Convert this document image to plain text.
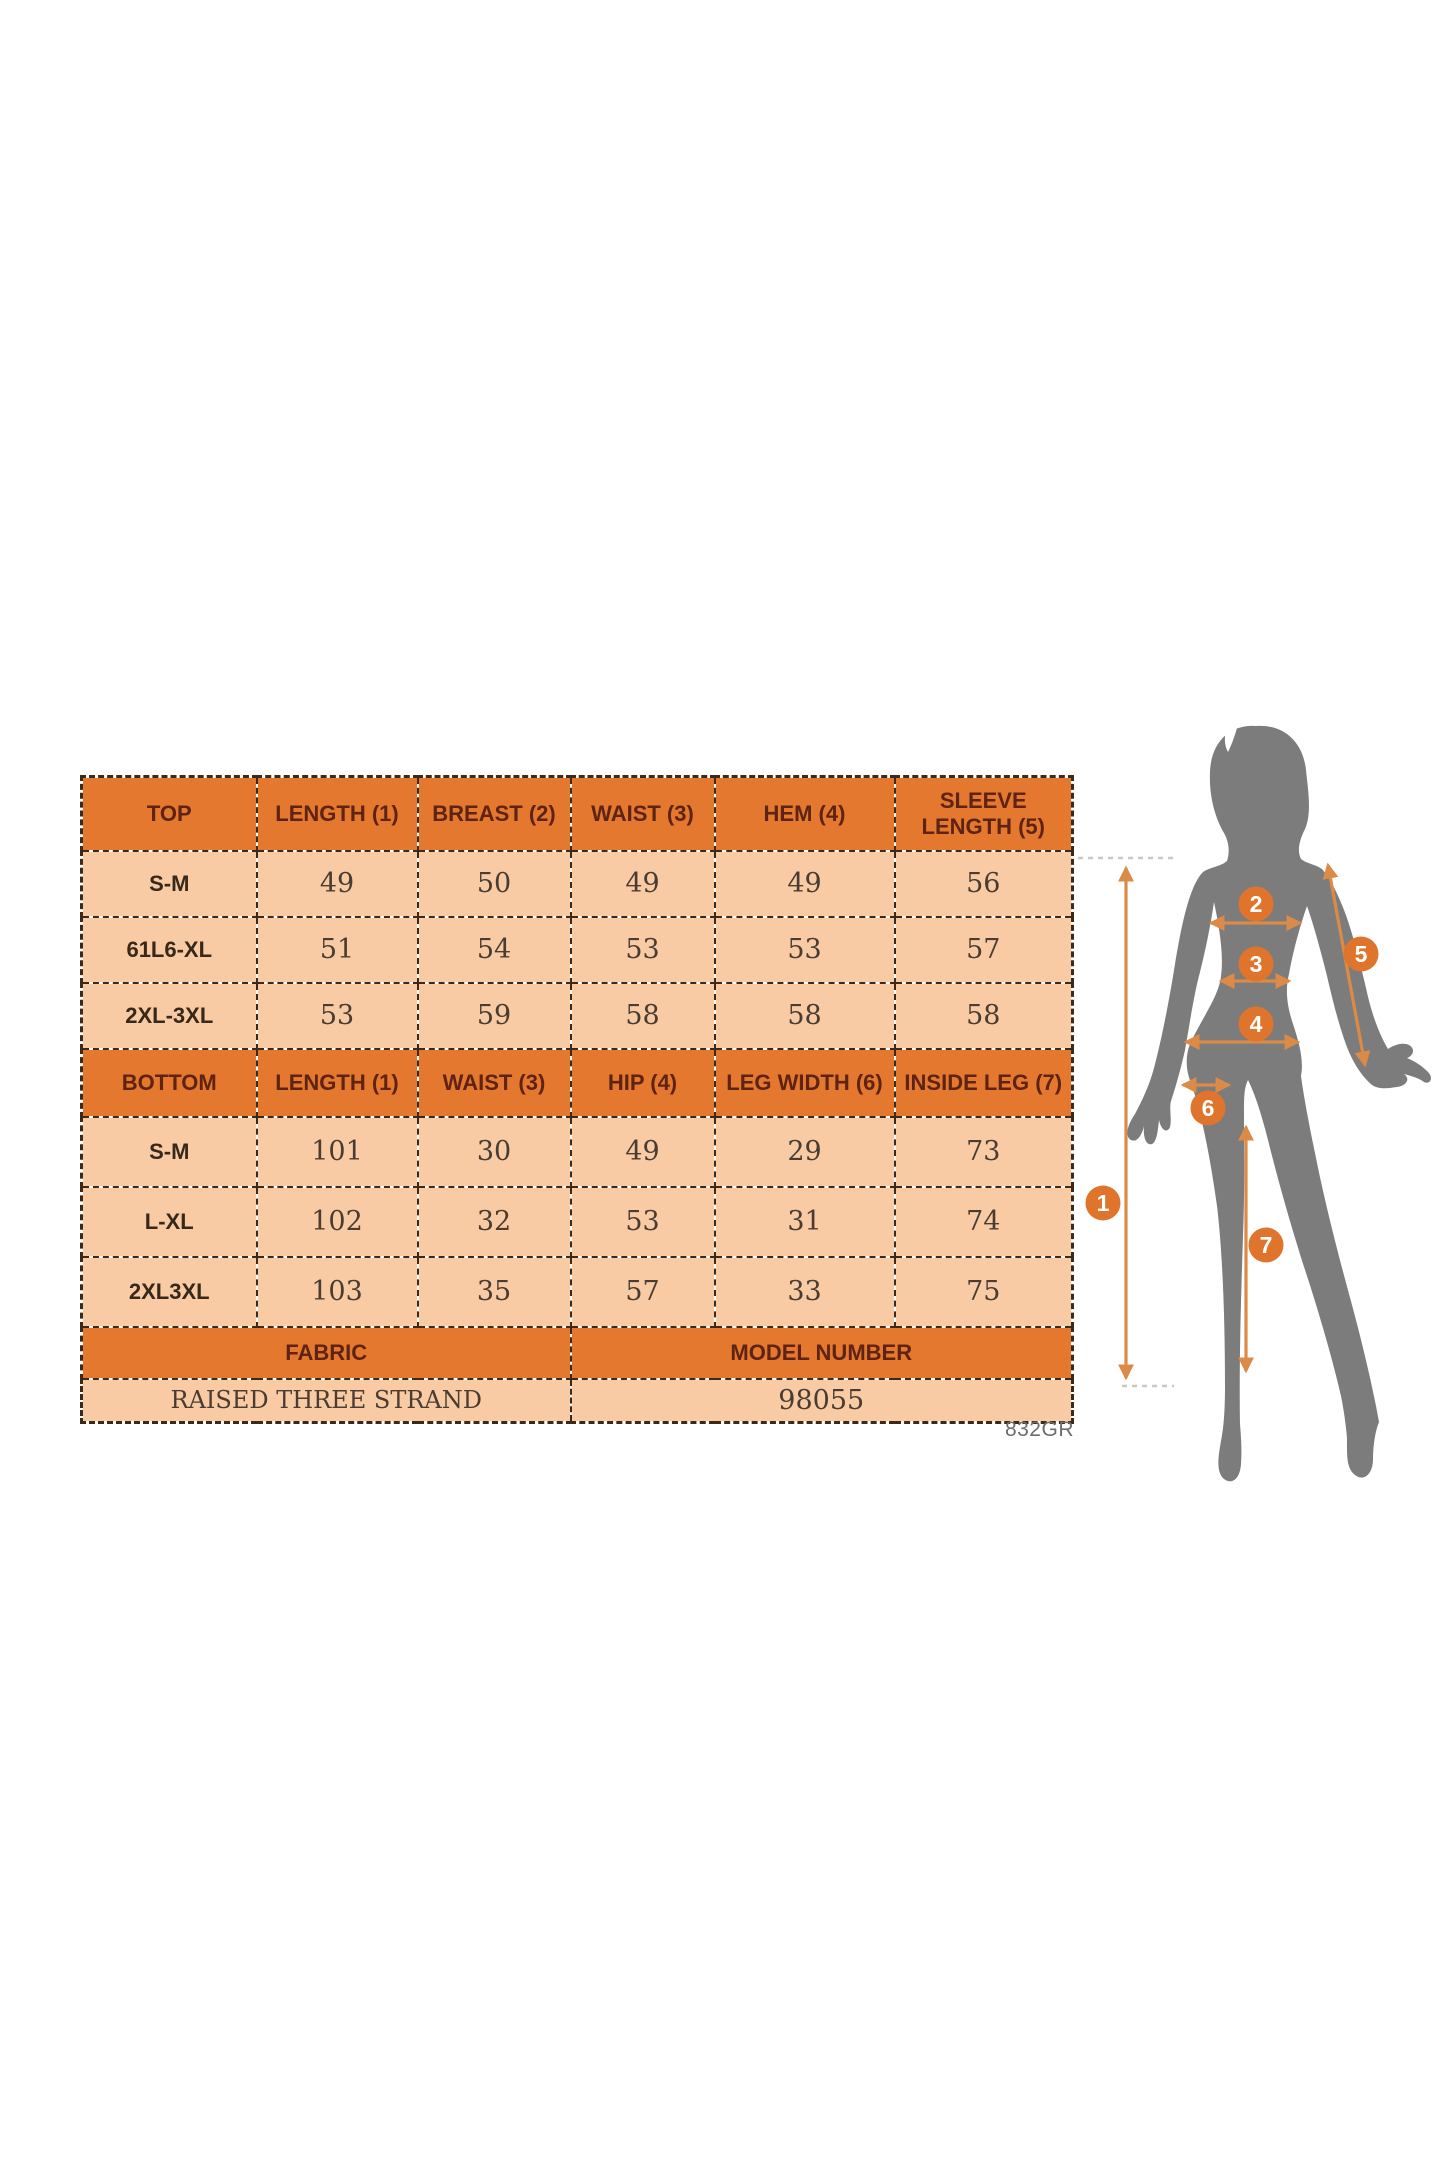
TOP	LENGTH (1)	BREAST (2)	WAIST (3)	HEM (4)	SLEEVE LENGTH (5)
S-M	49	50	49	49	56
61L6-XL	51	54	53	53	57
2XL-3XL	53	59	58	58	58
BOTTOM	LENGTH (1)	WAIST (3)	HIP (4)	LEG WIDTH (6)	INSIDE LEG (7)
S-M	101	30	49	29	73
L-XL	102	32	53	31	74
2XL3XL	103	35	57	33	75
FABRIC			MODEL NUMBER		
RAISED THREE STRAND			98055		
832GR
1
2
3
4
5
6
7
